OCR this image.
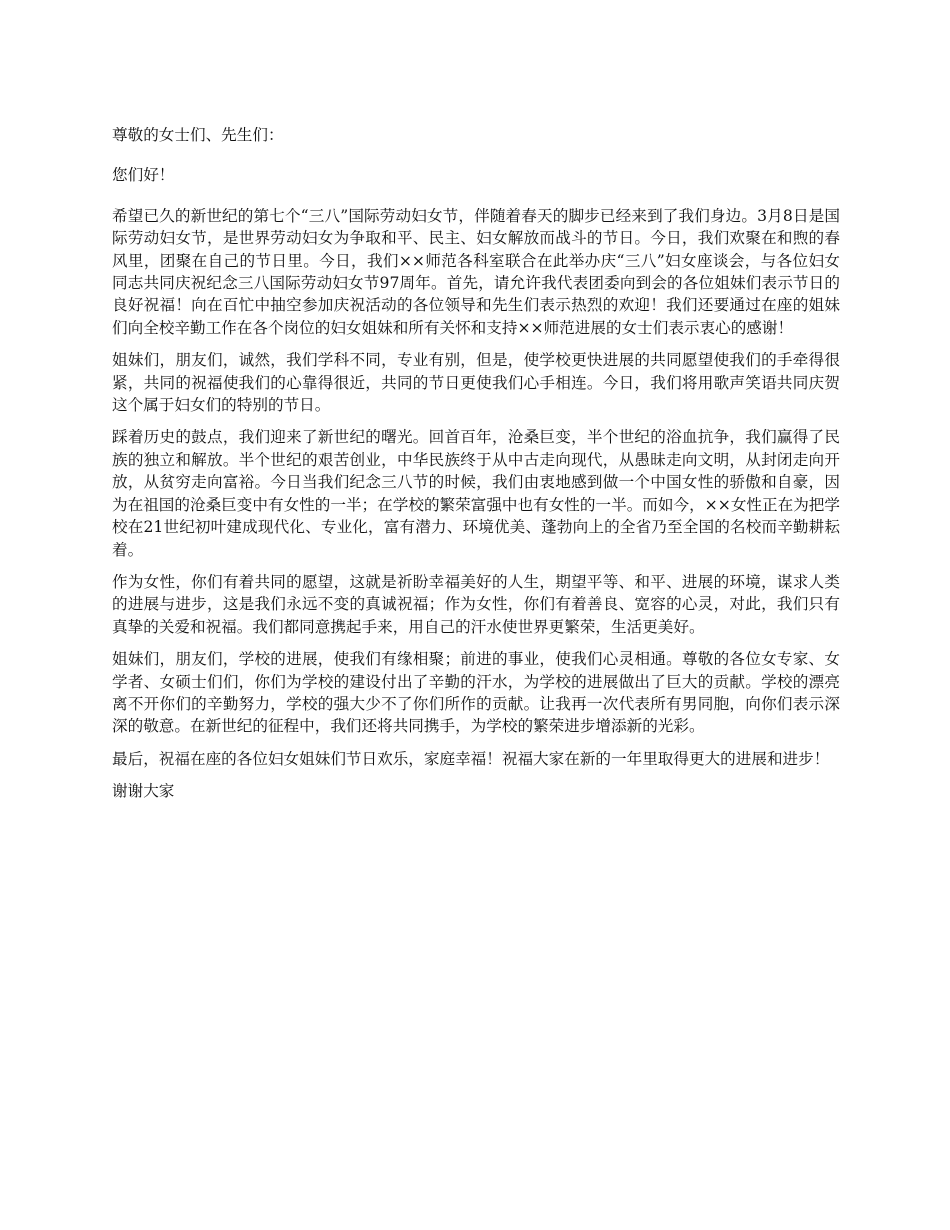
尊敬的女士们、先生们：

您们好！

希望已久的新世纪的第七个“三八”国际劳动妇女节，伴随着春天的脚步已经来到了我们身边。3月8日是国际劳动妇女节，是世界劳动妇女为争取和平、民主、妇女解放而战斗的节日。今日，我们欢聚在和煦的春风里，团聚在自己的节日里。今日，我们××师范各科室联合在此举办庆“三八”妇女座谈会，与各位妇女同志共同庆祝纪念三八国际劳动妇女节97周年。首先，请允许我代表团委向到会的各位姐妹们表示节日的良好祝福！向在百忙中抽空参加庆祝活动的各位领导和先生们表示热烈的欢迎！我们还要通过在座的姐妹们向全校辛勤工作在各个岗位的妇女姐妹和所有关怀和支持××师范进展的女士们表示衷心的感谢！

姐妹们，朋友们，诚然，我们学科不同，专业有别，但是，使学校更快进展的共同愿望使我们的手牵得很紧，共同的祝福使我们的心靠得很近，共同的节日更使我们心手相连。今日，我们将用歌声笑语共同庆贺这个属于妇女们的特别的节日。

踩着历史的鼓点，我们迎来了新世纪的曙光。回首百年，沧桑巨变，半个世纪的浴血抗争，我们赢得了民族的独立和解放。半个世纪的艰苦创业，中华民族终于从中古走向现代，从愚昧走向文明，从封闭走向开放，从贫穷走向富裕。今日当我们纪念三八节的时候，我们由衷地感到做一个中国女性的骄傲和自豪，因为在祖国的沧桑巨变中有女性的一半；在学校的繁荣富强中也有女性的一半。而如今，××女性正在为把学校在21世纪初叶建成现代化、专业化，富有潜力、环境优美、蓬勃向上的全省乃至全国的名校而辛勤耕耘着。

作为女性，你们有着共同的愿望，这就是祈盼幸福美好的人生，期望平等、和平、进展的环境，谋求人类的进展与进步，这是我们永远不变的真诚祝福；作为女性，你们有着善良、宽容的心灵，对此，我们只有真挚的关爱和祝福。我们都同意携起手来，用自己的汗水使世界更繁荣，生活更美好。

姐妹们，朋友们，学校的进展，使我们有缘相聚；前进的事业，使我们心灵相通。尊敬的各位女专家、女学者、女硕士们们，你们为学校的建设付出了辛勤的汗水，为学校的进展做出了巨大的贡献。学校的漂亮离不开你们的辛勤努力，学校的强大少不了你们所作的贡献。让我再一次代表所有男同胞，向你们表示深深的敬意。在新世纪的征程中，我们还将共同携手，为学校的繁荣进步增添新的光彩。

最后，祝福在座的各位妇女姐妹们节日欢乐，家庭幸福！祝福大家在新的一年里取得更大的进展和进步！

谢谢大家
